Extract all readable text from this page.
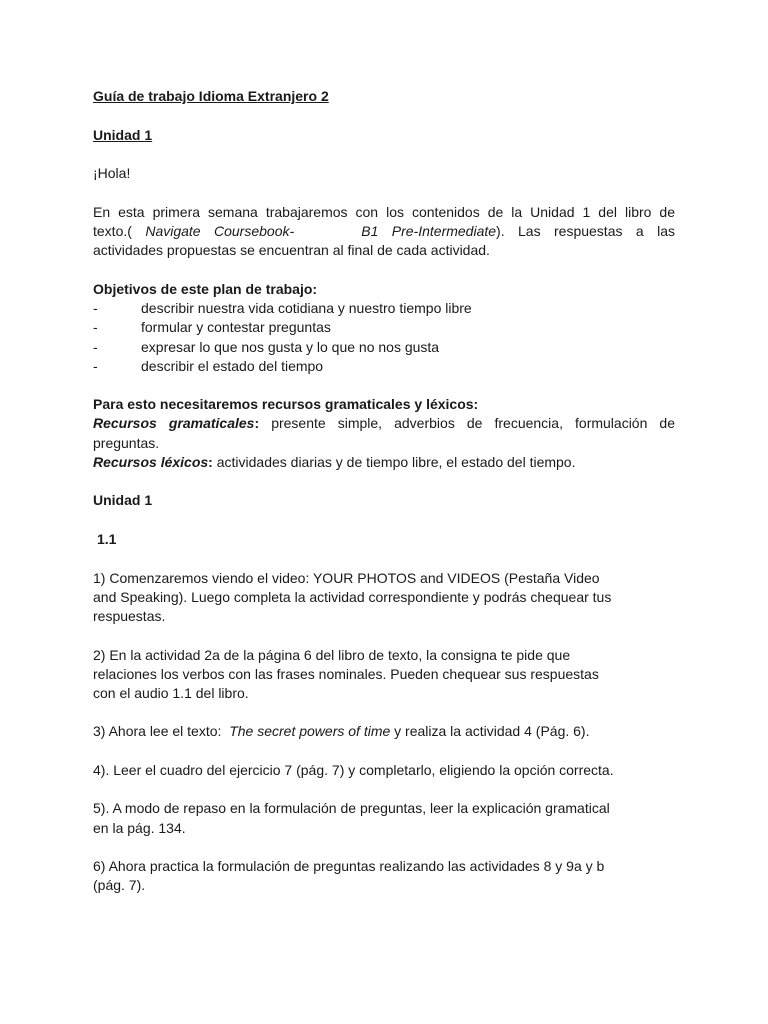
Guía de trabajo Idioma Extranjero 2
Unidad 1
¡Hola!
En esta primera semana trabajaremos con los contenidos de la Unidad 1 del libro de
texto.( Navigate Coursebook-     B1 Pre-Intermediate). Las respuestas a las
actividades propuestas se encuentran al final de cada actividad.
Objetivos de este plan de trabajo:
-	describir nuestra vida cotidiana y nuestro tiempo libre
-	formular y contestar preguntas
-	expresar lo que nos gusta y lo que no nos gusta
-	describir el estado del tiempo
Para esto necesitaremos recursos gramaticales y léxicos:
Recursos gramaticales: presente simple, adverbios de frecuencia, formulación de
preguntas.
Recursos léxicos: actividades diarias y de tiempo libre, el estado del tiempo.
Unidad 1
1.1
1) Comenzaremos viendo el video: YOUR PHOTOS and VIDEOS (Pestaña Video
and Speaking). Luego completa la actividad correspondiente y podrás chequear tus
respuestas.
2) En la actividad 2a de la página 6 del libro de texto, la consigna te pide que
relaciones los verbos con las frases nominales. Pueden chequear sus respuestas
con el audio 1.1 del libro.
3) Ahora lee el texto:  The secret powers of time y realiza la actividad 4 (Pág. 6).
4). Leer el cuadro del ejercicio 7 (pág. 7) y completarlo, eligiendo la opción correcta.
5). A modo de repaso en la formulación de preguntas, leer la explicación gramatical
en la pág. 134.
6) Ahora practica la formulación de preguntas realizando las actividades 8 y 9a y b
(pág. 7).
